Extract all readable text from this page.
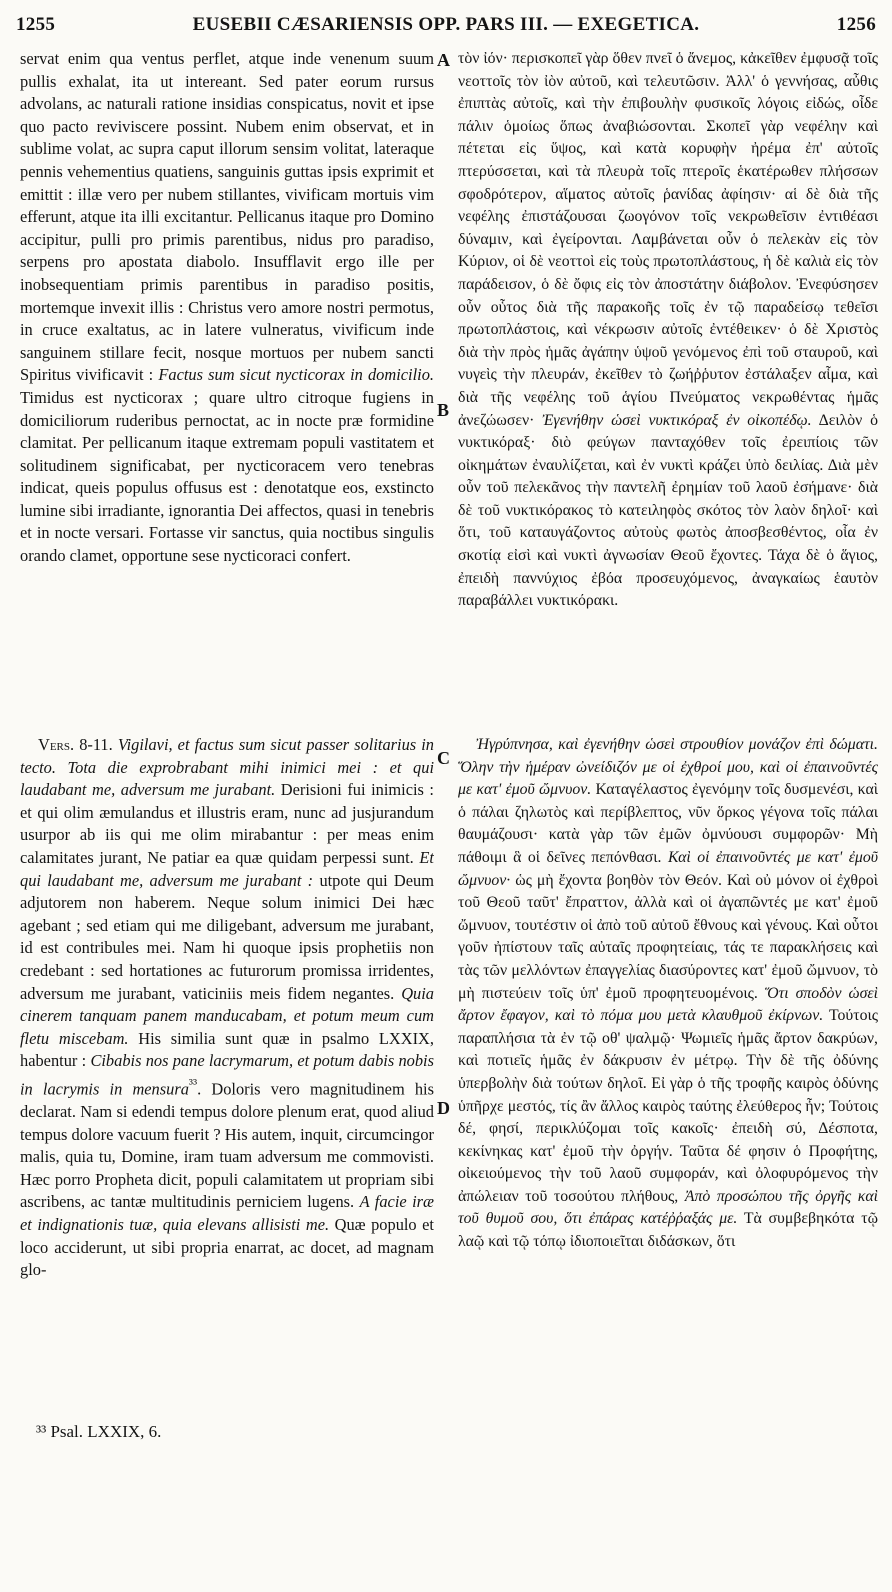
1255	EUSEBII CÆSARIENSIS OPP. PARS III. — EXEGETICA.	1256
A
B
C
D

servat enim qua ventus perflet, atque inde venenum suum pullis exhalat, ita ut intereant. Sed pater eorum rursus advolans, ac naturali ratione insidias conspicatus, novit et ipse quo pacto reviviscere possint. Nubem enim observat, et in sublime volat, ac supra caput illorum sensim volitat, lateraque pennis vehementius quatiens, sanguinis guttas ipsis exprimit et emittit : illæ vero per nubem stillantes, vivificam mortuis vim efferunt, atque ita illi excitantur. Pellicanus itaque pro Domino accipitur, pulli pro primis parentibus, nidus pro paradiso, serpens pro apostata diabolo. Insufflavit ergo ille per inobsequentiam primis parentibus in paradiso positis, mortemque invexit illis : Christus vero amore nostri permotus, in cruce exaltatus, ac in latere vulneratus, vivificum inde sanguinem stillare fecit, nosque mortuos per nubem sancti Spiritus vivificavit : Factus sum sicut nycticorax in domicilio. Timidus est nycticorax ; quare ultro citroque fugiens in domiciliorum ruderibus pernoctat, ac in nocte præ formidine clamitat. Per pellicanum itaque extremam populi vastitatem et solitudinem significabat, per nycticoracem vero tenebras indicat, queis populus offusus est : denotatque eos, exstincto lumine sibi irradiante, ignorantia Dei affectos, quasi in tenebris et in nocte versari. Fortasse vir sanctus, quia noctibus singulis orando clamet, opportune sese nycticoraci confert.

τὸν ἰόν· περισκοπεῖ γὰρ ὅθεν πνεῖ ὁ ἄνεμος, κἀκεῖθεν ἐμφυσᾷ τοῖς νεοττοῖς τὸν ἰὸν αὐτοῦ, καὶ τελευτῶσιν. Ἀλλ' ὁ γεννήσας, αὖθις ἐπιπτὰς αὐτοῖς, καὶ τὴν ἐπιβουλὴν φυσικοῖς λόγοις εἰδώς, οἶδε πάλιν ὁμοίως ὅπως ἀναβιώσονται. Σκοπεῖ γὰρ νεφέλην καὶ πέτεται εἰς ὕψος, καὶ κατὰ κορυφὴν ἠρέμα ἐπ' αὐτοῖς πτερύσσεται, καὶ τὰ πλευρὰ τοῖς πτεροῖς ἑκατέρωθεν πλήσσων σφοδρότερον, αἵματος αὐτοῖς ῥανίδας ἀφίησιν· αἱ δὲ διὰ τῆς νεφέλης ἐπιστάζουσαι ζωογόνον τοῖς νεκρωθεῖσιν ἐντιθέασι δύναμιν, καὶ ἐγείρονται. Λαμβάνεται οὖν ὁ πελεκὰν εἰς τὸν Κύριον, οἱ δὲ νεοττοὶ εἰς τοὺς πρωτοπλάστους, ἡ δὲ καλιὰ εἰς τὸν παράδεισον, ὁ δὲ ὄφις εἰς τὸν ἀποστάτην διάβολον. Ἐνεφύσησεν οὖν οὗτος διὰ τῆς παρακοῆς τοῖς ἐν τῷ παραδείσῳ τεθεῖσι πρωτοπλάστοις, καὶ νέκρωσιν αὐτοῖς ἐντέθεικεν· ὁ δὲ Χριστὸς διὰ τὴν πρὸς ἡμᾶς ἀγάπην ὑψοῦ γενόμενος ἐπὶ τοῦ σταυροῦ, καὶ νυγεὶς τὴν πλευράν, ἐκεῖθεν τὸ ζωήῤῥυτον ἐστάλαξεν αἷμα, καὶ διὰ τῆς νεφέλης τοῦ ἁγίου Πνεύματος νεκρωθέντας ἡμᾶς ἀνεζώωσεν· Ἐγενήθην ὡσεὶ νυκτικόραξ ἐν οἰκοπέδῳ. Δειλὸν ὁ νυκτικόραξ· διὸ φεύγων πανταχόθεν τοῖς ἐρειπίοις τῶν οἰκημάτων ἐναυλίζεται, καὶ ἐν νυκτὶ κράζει ὑπὸ δειλίας. Διὰ μὲν οὖν τοῦ πελεκᾶνος τὴν παντελῆ ἐρημίαν τοῦ λαοῦ ἐσήμανε· διὰ δὲ τοῦ νυκτικόρακος τὸ κατειληφὸς σκότος τὸν λαὸν δηλοῖ· καὶ ὅτι, τοῦ καταυγάζοντος αὐτοὺς φωτὸς ἀποσβεσθέντος, οἷα ἐν σκοτίᾳ εἰσὶ καὶ νυκτὶ ἀγνωσίαν Θεοῦ ἔχοντες. Τάχα δὲ ὁ ἅγιος, ἐπειδὴ παννύχιος ἐβόα προσευχόμενος, ἀναγκαίως ἑαυτὸν παραβάλλει νυκτικόρακι.

Vers. 8-11. Vigilavi, et factus sum sicut passer solitarius in tecto. Tota die exprobrabant mihi inimici mei : et qui laudabant me, adversum me jurabant. Derisioni fui inimicis : et qui olim æmulandus et illustris eram, nunc ad jusjurandum usurpor ab iis qui me olim mirabantur : per meas enim calamitates jurant, Ne patiar ea quæ quidam perpessi sunt. Et qui laudabant me, adversum me jurabant : utpote qui Deum adjutorem non haberem. Neque solum inimici Dei hæc agebant ; sed etiam qui me diligebant, adversum me jurabant, id est contribules mei. Nam hi quoque ipsis prophetiis non credebant : sed hortationes ac futurorum promissa irridentes, adversum me jurabant, vaticiniis meis fidem negantes. Quia cinerem tanquam panem manducabam, et potum meum cum fletu miscebam. His similia sunt quæ in psalmo LXXIX, habentur : Cibabis nos pane lacrymarum, et potum dabis nobis in lacrymis in mensura$^{^{33}}$. Doloris vero magnitudinem his declarat. Nam si edendi tempus dolore plenum erat, quod aliud tempus dolore vacuum fuerit ? His autem, inquit, circumcingor malis, quia tu, Domine, iram tuam adversum me commovisti. Hæc porro Propheta dicit, populi calamitatem ut propriam sibi ascribens, ac tantæ multitudinis perniciem lugens. A facie iræ et indignationis tuæ, quia elevans allisisti me. Quæ populo et loco acciderunt, ut sibi propria enarrat, ac docet, ad magnam glo-

Ἠγρύπνησα, καὶ ἐγενήθην ὡσεὶ στρουθίον μονάζον ἐπὶ δώματι. Ὅλην τὴν ἡμέραν ὠνείδιζόν με οἱ ἐχθροί μου, καὶ οἱ ἐπαινοῦντές με κατ' ἐμοῦ ὤμνυον. Καταγέλαστος ἐγενόμην τοῖς δυσμενέσι, καὶ ὁ πάλαι ζηλωτὸς καὶ περίβλεπτος, νῦν ὅρκος γέγονα τοῖς πάλαι θαυμάζουσι· κατὰ γὰρ τῶν ἐμῶν ὀμνύουσι συμφορῶν· Μὴ πάθοιμι ἃ οἱ δεῖνες πεπόνθασι. Καὶ οἱ ἐπαινοῦντές με κατ' ἐμοῦ ὤμνυον· ὡς μὴ ἔχοντα βοηθὸν τὸν Θεόν. Καὶ οὐ μόνον οἱ ἐχθροὶ τοῦ Θεοῦ ταῦτ' ἔπραττον, ἀλλὰ καὶ οἱ ἀγαπῶντές με κατ' ἐμοῦ ὤμνυον, τουτέστιν οἱ ἀπὸ τοῦ αὐτοῦ ἔθνους καὶ γένους. Καὶ οὗτοι γοῦν ἠπίστουν ταῖς αὐταῖς προφητείαις, τάς τε παρακλήσεις καὶ τὰς τῶν μελλόντων ἐπαγγελίας διασύροντες κατ' ἐμοῦ ὤμνυον, τὸ μὴ πιστεύειν τοῖς ὑπ' ἐμοῦ προφητευομένοις. Ὅτι σποδὸν ὡσεὶ ἄρτον ἔφαγον, καὶ τὸ πόμα μου μετὰ κλαυθμοῦ ἐκίρνων. Τούτοις παραπλήσια τὰ ἐν τῷ οθ' ψαλμῷ· Ψωμιεῖς ἡμᾶς ἄρτον δακρύων, καὶ ποτιεῖς ἡμᾶς ἐν δάκρυσιν ἐν μέτρῳ. Τὴν δὲ τῆς ὀδύνης ὑπερβολὴν διὰ τούτων δηλοῖ. Εἰ γὰρ ὁ τῆς τροφῆς καιρὸς ὀδύνης ὑπῆρχε μεστός, τίς ἂν ἄλλος καιρὸς ταύτης ἐλεύθερος ἦν; Τούτοις δέ, φησί, περικλύζομαι τοῖς κακοῖς· ἐπειδὴ σύ, Δέσποτα, κεκίνηκας κατ' ἐμοῦ τὴν ὀργήν. Ταῦτα δέ φησιν ὁ Προφήτης, οἰκειούμενος τὴν τοῦ λαοῦ συμφοράν, καὶ ὀλοφυρόμενος τὴν ἀπώλειαν τοῦ τοσούτου πλήθους, Ἀπὸ προσώπου τῆς ὀργῆς καὶ τοῦ θυμοῦ σου, ὅτι ἐπάρας κατέῤῥαξάς με. Τὰ συμβεβηκότα τῷ λαῷ καὶ τῷ τόπῳ ἰδιοποιεῖται διδάσκων, ὅτι

³³ Psal. LXXIX, 6.
